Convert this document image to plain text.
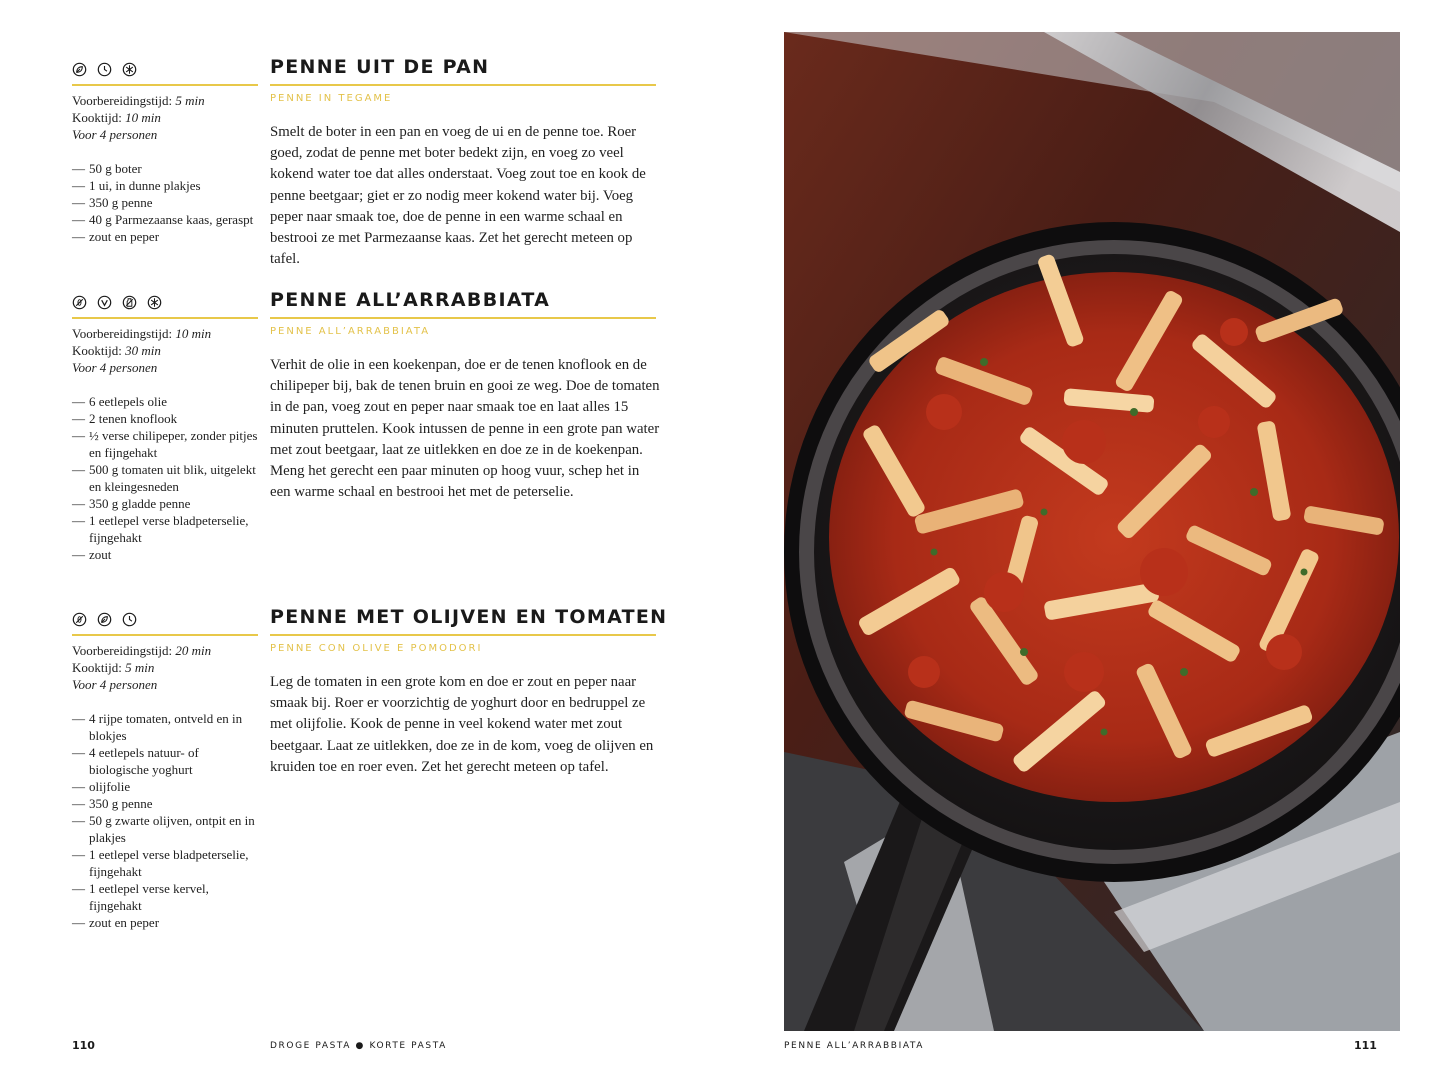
Voorbereidingstijd: 5 min
Kooktijd: 10 min
Voor 4 personen
— 50 g boter
— 1 ui, in dunne plakjes
— 350 g penne
— 40 g Parmezaanse kaas, geraspt
— zout en peper
PENNE UIT DE PAN
PENNE IN TEGAME

Smelt de boter in een pan en voeg de ui en de penne toe. Roer goed, zodat de penne met boter bedekt zijn, en voeg zo veel kokend water toe dat alles onderstaat. Voeg zout toe en kook de penne beetgaar; giet er zo nodig meer kokend water bij. Voeg peper naar smaak toe, doe de penne in een warme schaal en bestrooi ze met Parmezaanse kaas. Zet het gerecht meteen op tafel.

Voorbereidingstijd: 10 min
Kooktijd: 30 min
Voor 4 personen
— 6 eetlepels olie
— 2 tenen knoflook
— ½ verse chilipeper, zonder pitjes en fijngehakt
— 500 g tomaten uit blik, uitgelekt en kleingesneden
— 350 g gladde penne
— 1 eetlepel verse bladpeterselie, fijngehakt
— zout
PENNE ALL’ARRABBIATA
PENNE ALL’ARRABBIATA

Verhit de olie in een koekenpan, doe er de tenen knoflook en de chilipeper bij, bak de tenen bruin en gooi ze weg. Doe de tomaten in de pan, voeg zout en peper naar smaak toe en laat alles 15 minuten pruttelen. Kook intussen de penne in een grote pan water met zout beetgaar, laat ze uitlekken en doe ze in de koekenpan. Meng het gerecht een paar minuten op hoog vuur, schep het in een warme schaal en bestrooi het met de peterselie.

Voorbereidingstijd: 20 min
Kooktijd: 5 min
Voor 4 personen
— 4 rijpe tomaten, ontveld en in blokjes
— 4 eetlepels natuur- of biologische yoghurt
— olijfolie
— 350 g penne
— 50 g zwarte olijven, ontpit en in plakjes
— 1 eetlepel verse bladpeterselie, fijngehakt
— 1 eetlepel verse kervel, fijngehakt
— zout en peper
PENNE MET OLIJVEN EN TOMATEN
PENNE CON OLIVE E POMODORI

Leg de tomaten in een grote kom en doe er zout en peper naar smaak bij. Roer er voorzichtig de yoghurt door en bedruppel ze met olijfolie. Kook de penne in veel kokend water met zout beetgaar. Laat ze uitlekken, doe ze in de kom, voeg de olijven en kruiden toe en roer even. Zet het gerecht meteen op tafel.

110	DROGE PASTA ● KORTE PASTA	PENNE ALL’ARRABBIATA	111
